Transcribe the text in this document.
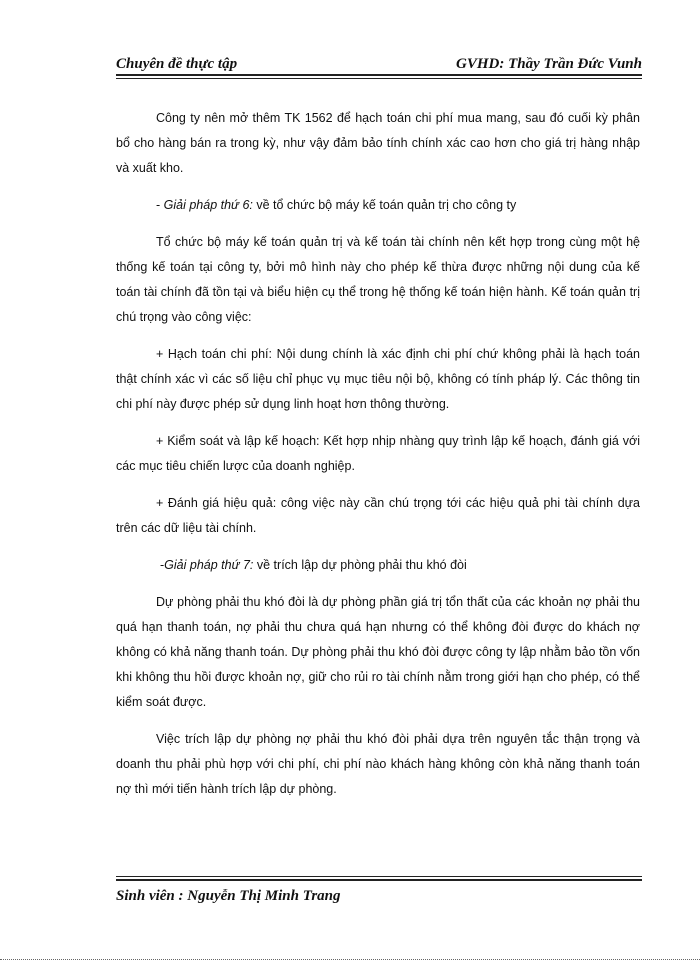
Chuyên đề thực tập	GVHD: Thầy Trần Đức Vunh

Công ty nên mở thêm TK 1562 để hạch toán chi phí mua mang, sau đó cuối kỳ phân bổ cho hàng bán ra trong kỳ, như vậy đảm bảo tính chính xác cao hơn cho giá trị hàng nhập và xuất kho.

- Giải pháp thứ 6: về tổ chức bộ máy kế toán quản trị cho công ty

Tổ chức bộ máy kế toán quản trị và kế toán tài chính nên kết hợp trong cùng một hệ thống kế toán tại công ty, bởi mô hình này cho phép kế thừa được những nội dung của kế toán tài chính đã tồn tại và biểu hiện cụ thể trong hệ thống kế toán hiện hành. Kế toán quản trị chú trọng vào công việc:

+ Hạch toán chi phí: Nội dung chính là xác định chi phí chứ không phải là hạch toán thật chính xác vì các số liệu chỉ phục vụ mục tiêu nội bộ, không có tính pháp lý. Các thông tin chi phí này được phép sử dụng linh hoạt hơn thông thường.

+ Kiểm soát và lập kế hoạch: Kết hợp nhịp nhàng quy trình lập kế hoạch, đánh giá với các mục tiêu chiến lược của doanh nghiệp.

+ Đánh giá hiệu quả: công việc này cần chú trọng tới các hiệu quả phi tài chính dựa trên các dữ liệu tài chính.

-Giải pháp thứ 7: về trích lập dự phòng phải thu khó đòi

Dự phòng phải thu khó đòi là dự phòng phần giá trị tổn thất của các khoản nợ phải thu quá hạn thanh toán, nợ phải thu chưa quá hạn nhưng có thể không đòi được do khách nợ không có khả năng thanh toán. Dự phòng phải thu khó đòi được công ty lập nhằm bảo tồn vốn khi không thu hồi được khoản nợ, giữ cho rủi ro tài chính nằm trong giới hạn cho phép, có thể kiểm soát được.

Việc trích lập dự phòng nợ phải thu khó đòi phải dựa trên nguyên tắc thận trọng và doanh thu phải phù hợp với chi phí, chi phí nào khách hàng không còn khả năng thanh toán nợ thì mới tiến hành trích lập dự phòng.

Sinh viên : Nguyễn Thị Minh Trang
